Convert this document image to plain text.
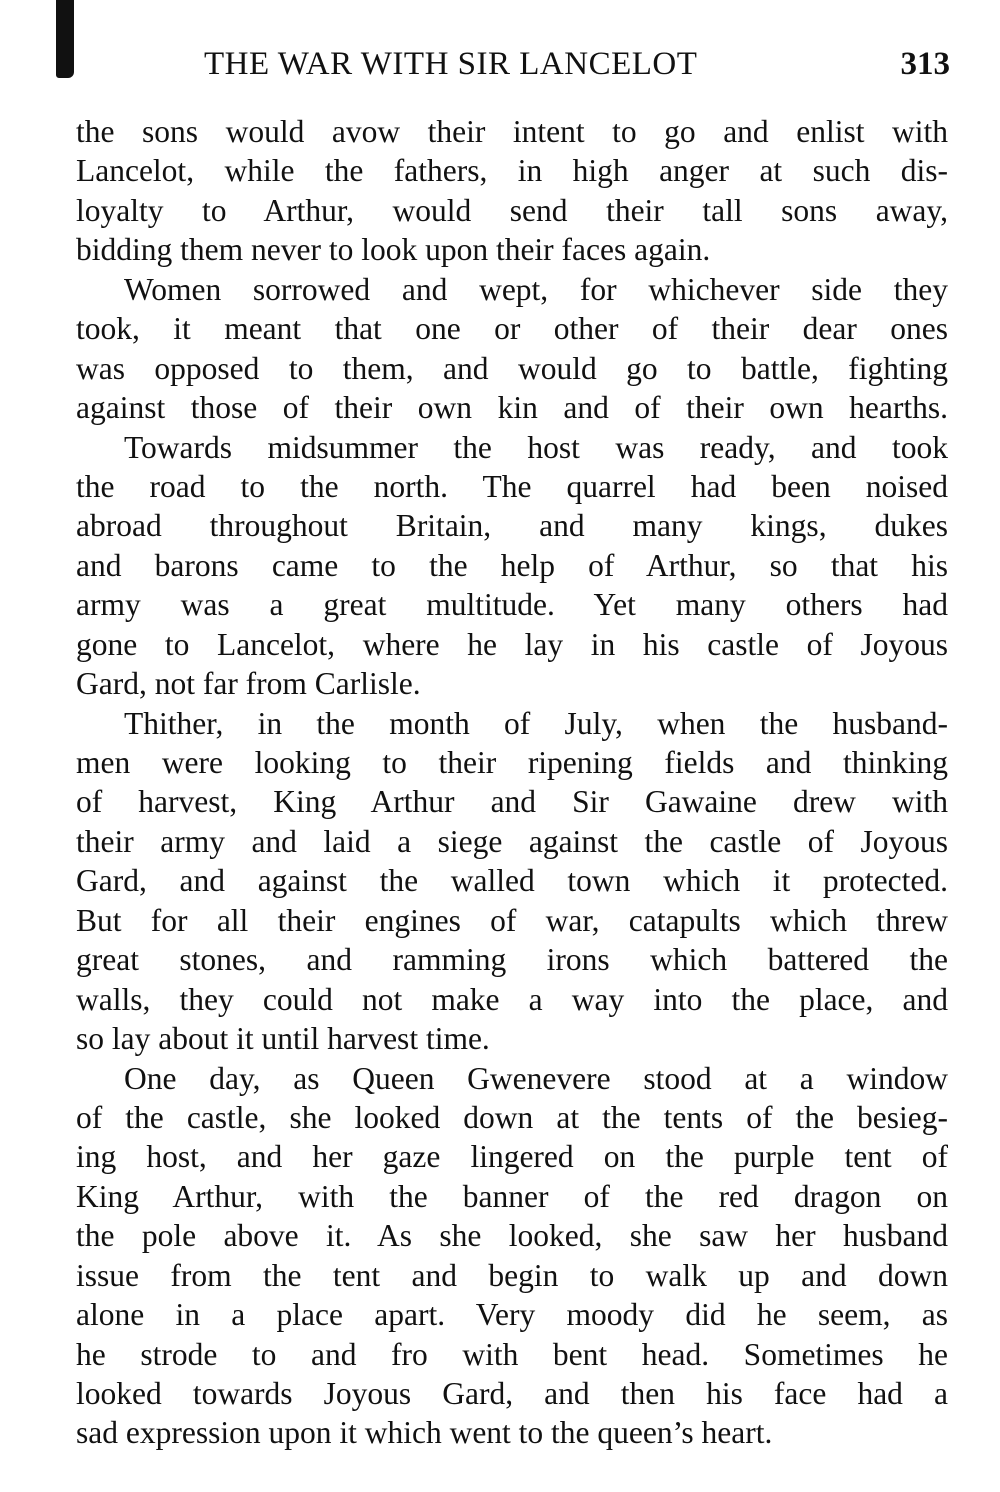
THE WAR WITH SIR LANCELOT	313
the sons would avow their intent to go and enlist with
Lancelot, while the fathers, in high anger at such dis-
loyalty to Arthur, would send their tall sons away,
bidding them never to look upon their faces again.
Women sorrowed and wept, for whichever side they
took, it meant that one or other of their dear ones
was opposed to them, and would go to battle, fighting
against those of their own kin and of their own hearths.
Towards midsummer the host was ready, and took
the road to the north. The quarrel had been noised
abroad throughout Britain, and many kings, dukes
and barons came to the help of Arthur, so that his
army was a great multitude. Yet many others had
gone to Lancelot, where he lay in his castle of Joyous
Gard, not far from Carlisle.
Thither, in the month of July, when the husband-
men were looking to their ripening fields and thinking
of harvest, King Arthur and Sir Gawaine drew with
their army and laid a siege against the castle of Joyous
Gard, and against the walled town which it protected.
But for all their engines of war, catapults which threw
great stones, and ramming irons which battered the
walls, they could not make a way into the place, and
so lay about it until harvest time.
One day, as Queen Gwenevere stood at a window
of the castle, she looked down at the tents of the besieg-
ing host, and her gaze lingered on the purple tent of
King Arthur, with the banner of the red dragon on
the pole above it. As she looked, she saw her husband
issue from the tent and begin to walk up and down
alone in a place apart. Very moody did he seem, as
he strode to and fro with bent head. Sometimes he
looked towards Joyous Gard, and then his face had a
sad expression upon it which went to the queen’s heart.
